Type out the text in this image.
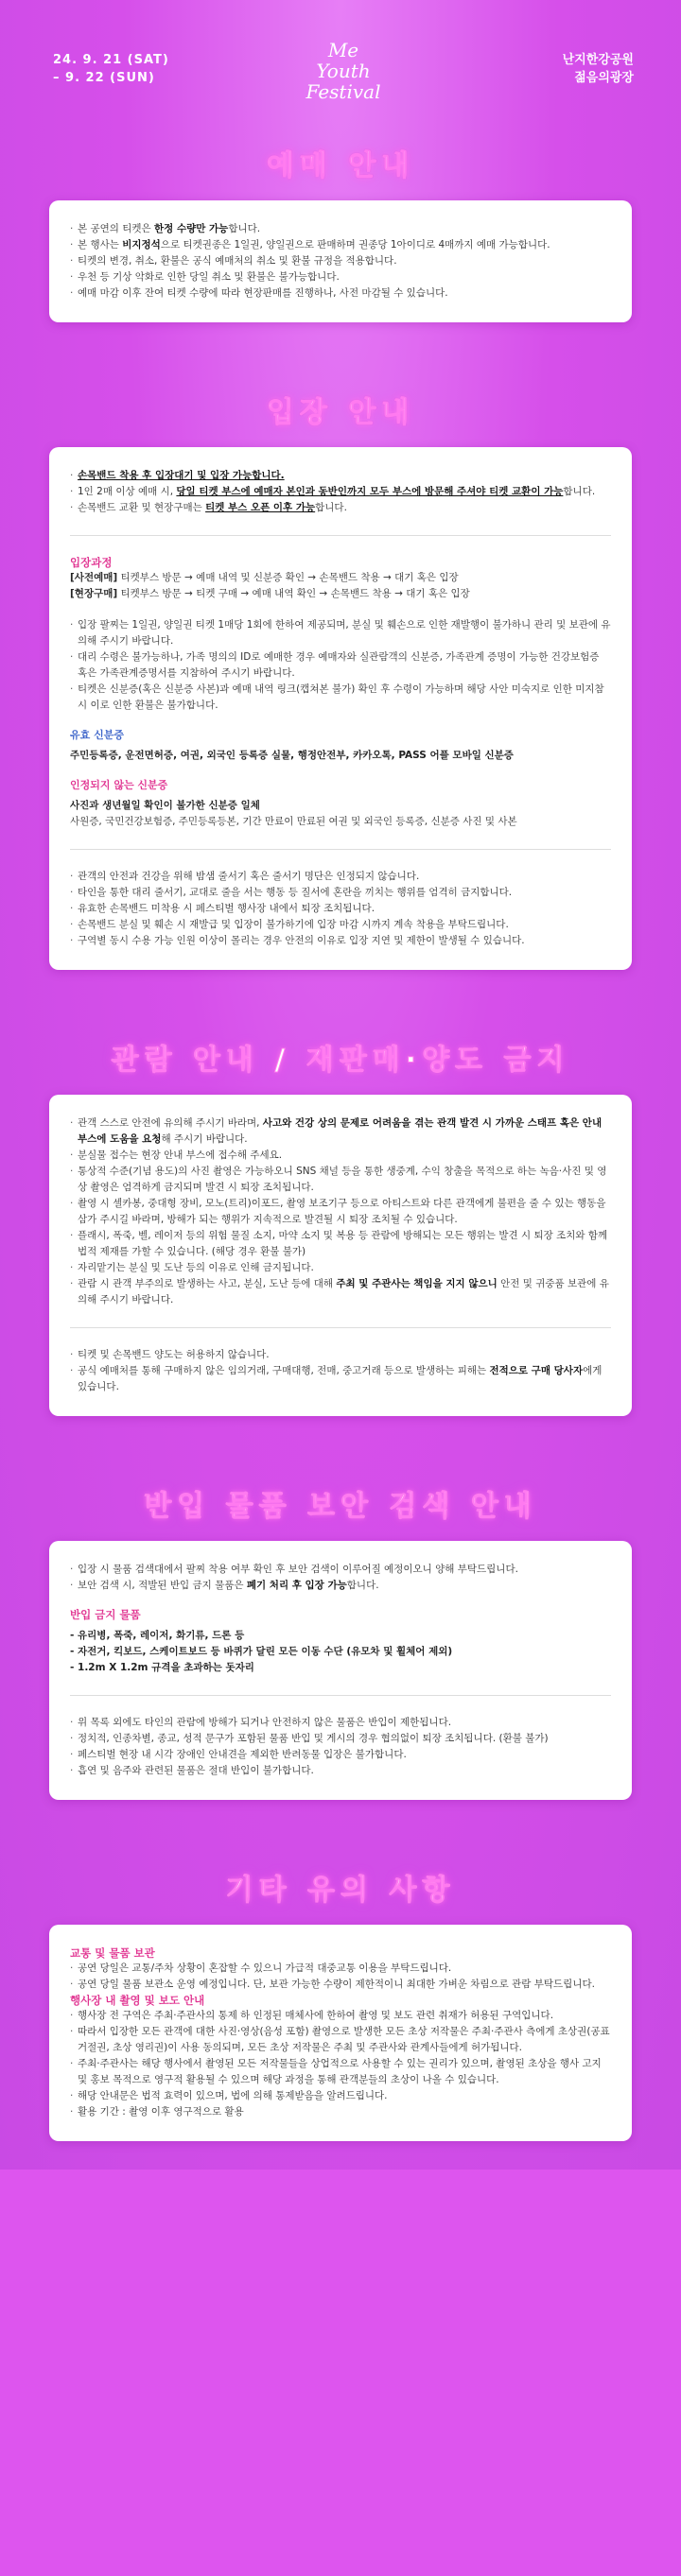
24. 9. 21 (SAT)
– 9. 22 (SUN)
Me Youth
Festival
난지한강공원
젊음의광장
예매 안내

· 본 공연의 티켓은 한정 수량만 가능합니다.

· 본 행사는 비지정석으로 티켓권종은 1일권, 양일권으로 판매하며 권종당 1아이디로 4매까지 예매 가능합니다.

· 티켓의 변경, 취소, 환불은 공식 예매처의 취소 및 환불 규정을 적용합니다.

· 우천 등 기상 악화로 인한 당일 취소 및 환불은 불가능합니다.

· 예매 마감 이후 잔여 티켓 수량에 따라 현장판매를 진행하나, 사전 마감될 수 있습니다.

입장 안내

· 손목밴드 착용 후 입장대기 및 입장 가능합니다.

· 1인 2매 이상 예매 시, 당일 티켓 부스에 예매자 본인과 동반인까지 모두 부스에 방문해 주셔야 티켓 교환이 가능합니다.

· 손목밴드 교환 및 현장구매는 티켓 부스 오픈 이후 가능합니다.

입장과정

[사전예매] 티켓부스 방문 → 예매 내역 및 신분증 확인 → 손목밴드 착용 → 대기 혹은 입장

[현장구매] 티켓부스 방문 → 티켓 구매 → 예매 내역 확인 → 손목밴드 착용 → 대기 혹은 입장

· 입장 팔찌는 1일권, 양일권 티켓 1매당 1회에 한하여 제공되며, 분실 및 훼손으로 인한 재발행이 불가하니 관리 및 보관에 유의해 주시기 바랍니다.

· 대리 수령은 불가능하나, 가족 명의의 ID로 예매한 경우 예매자와 실관람객의 신분증, 가족관계 증명이 가능한 건강보험증 혹은 가족관계증명서를 지참하여 주시기 바랍니다.

· 티켓은 신분증(혹은 신분증 사본)과 예매 내역 링크(캡쳐본 불가) 확인 후 수령이 가능하며 해당 사안 미숙지로 인한 미지참 시 이로 인한 환불은 불가합니다.

유효 신분증

주민등록증, 운전면허증, 여권, 외국인 등록증 실물, 행정안전부, 카카오톡, PASS 어플 모바일 신분증

인정되지 않는 신분증

사진과 생년월일 확인이 불가한 신분증 일체

사원증, 국민건강보험증, 주민등록등본, 기간 만료이 만료된 여권 및 외국인 등록증, 신분증 사진 및 사본

· 관객의 안전과 건강을 위해 밤샘 줄서기 혹은 줄서기 명단은 인정되지 않습니다.

· 타인을 통한 대리 줄서기, 교대로 줄을 서는 행동 등 질서에 혼란을 끼치는 행위를 엄격히 금지합니다.

· 유효한 손목밴드 미착용 시 페스티벌 행사장 내에서 퇴장 조치됩니다.

· 손목밴드 분실 및 훼손 시 재발급 및 입장이 불가하기에 입장 마감 시까지 계속 착용을 부탁드립니다.

· 구역별 동시 수용 가능 인원 이상이 몰리는 경우 안전의 이유로 입장 지연 및 제한이 발생될 수 있습니다.

관람 안내 / 재판매·양도 금지

· 관객 스스로 안전에 유의해 주시기 바라며, 사고와 건강 상의 문제로 어려움을 겪는 관객 발견 시 가까운 스태프 혹은 안내 부스에 도움을 요청해 주시기 바랍니다.

· 분실물 접수는 현장 안내 부스에 접수해 주세요.

· 통상적 수준(기념 용도)의 사진 촬영은 가능하오니 SNS 채널 등을 통한 생중계, 수익 창출을 목적으로 하는 녹음·사진 및 영상 촬영은 엄격하게 금지되며 발견 시 퇴장 조치됩니다.

· 촬영 시 셀카봉, 중대형 장비, 모노(트리)이포드, 촬영 보조기구 등으로 아티스트와 다른 관객에게 불편을 줄 수 있는 행동을 삼가 주시길 바라며, 방해가 되는 행위가 지속적으로 발견될 시 퇴장 조치될 수 있습니다.

· 플래시, 폭죽, 벨, 레이저 등의 위험 물질 소지, 마약 소지 및 복용 등 관람에 방해되는 모든 행위는 발견 시 퇴장 조치와 함께 법적 제재를 가할 수 있습니다. (해당 경우 환불 불가)

· 자리맡기는 분실 및 도난 등의 이유로 인해 금지됩니다.

· 관람 시 관객 부주의로 발생하는 사고, 분실, 도난 등에 대해 주최 및 주관사는 책임을 지지 않으니 안전 및 귀중품 보관에 유의해 주시기 바랍니다.

· 티켓 및 손목밴드 양도는 허용하지 않습니다.

· 공식 예매처를 통해 구매하지 않은 임의거래, 구매대행, 전매, 중고거래 등으로 발생하는 피해는 전적으로 구매 당사자에게 있습니다.

반입 물품 보안 검색 안내

· 입장 시 물품 검색대에서 팔찌 착용 여부 확인 후 보안 검색이 이루어질 예정이오니 양해 부탁드립니다.

· 보안 검색 시, 적발된 반입 금지 물품은 폐기 처리 후 입장 가능합니다.

반입 금지 물품

- 유리병, 폭죽, 레이저, 화기류, 드론 등

- 자전거, 킥보드, 스케이트보드 등 바퀴가 달린 모든 이동 수단 (유모차 및 휠체어 제외)

- 1.2m X 1.2m 규격을 초과하는 돗자리

· 위 목록 외에도 타인의 관람에 방해가 되거나 안전하지 않은 물품은 반입이 제한됩니다.

· 정치적, 인종차별, 종교, 성적 문구가 포함된 물품 반입 및 게시의 경우 협의없이 퇴장 조치됩니다. (환불 불가)

· 페스티벌 현장 내 시각 장애인 안내견을 제외한 반려동물 입장은 불가합니다.

· 흡연 및 음주와 관련된 물품은 절대 반입이 불가합니다.

기타 유의 사항

교통 및 물품 보관

· 공연 당일은 교통/주차 상황이 혼잡할 수 있으니 가급적 대중교통 이용을 부탁드립니다.

· 공연 당일 물품 보관소 운영 예정입니다. 단, 보관 가능한 수량이 제한적이니 최대한 가벼운 차림으로 관람 부탁드립니다.

행사장 내 촬영 및 보도 안내

· 행사장 전 구역은 주최·주관사의 통제 하 인정된 매체사에 한하여 촬영 및 보도 관련 취재가 허용된 구역입니다.

· 따라서 입장한 모든 관객에 대한 사진·영상(음성 포함) 촬영으로 발생한 모든 초상 저작물은 주최·주관사 측에게 초상권(공표 거절권, 초상 영리권)이 사용 동의되며, 모든 초상 저작물은 주최 및 주관사와 관계사들에게 허가됩니다.

· 주최·주관사는 해당 행사에서 촬영된 모든 저작물들을 상업적으로 사용할 수 있는 권리가 있으며, 촬영된 초상을 행사 고지 및 홍보 목적으로 영구적 활용될 수 있으며 해당 과정을 통해 관객분들의 초상이 나올 수 있습니다.

· 해당 안내문은 법적 효력이 있으며, 법에 의해 통제받음을 알려드립니다.

· 활용 기간 : 촬영 이후 영구적으로 활용
